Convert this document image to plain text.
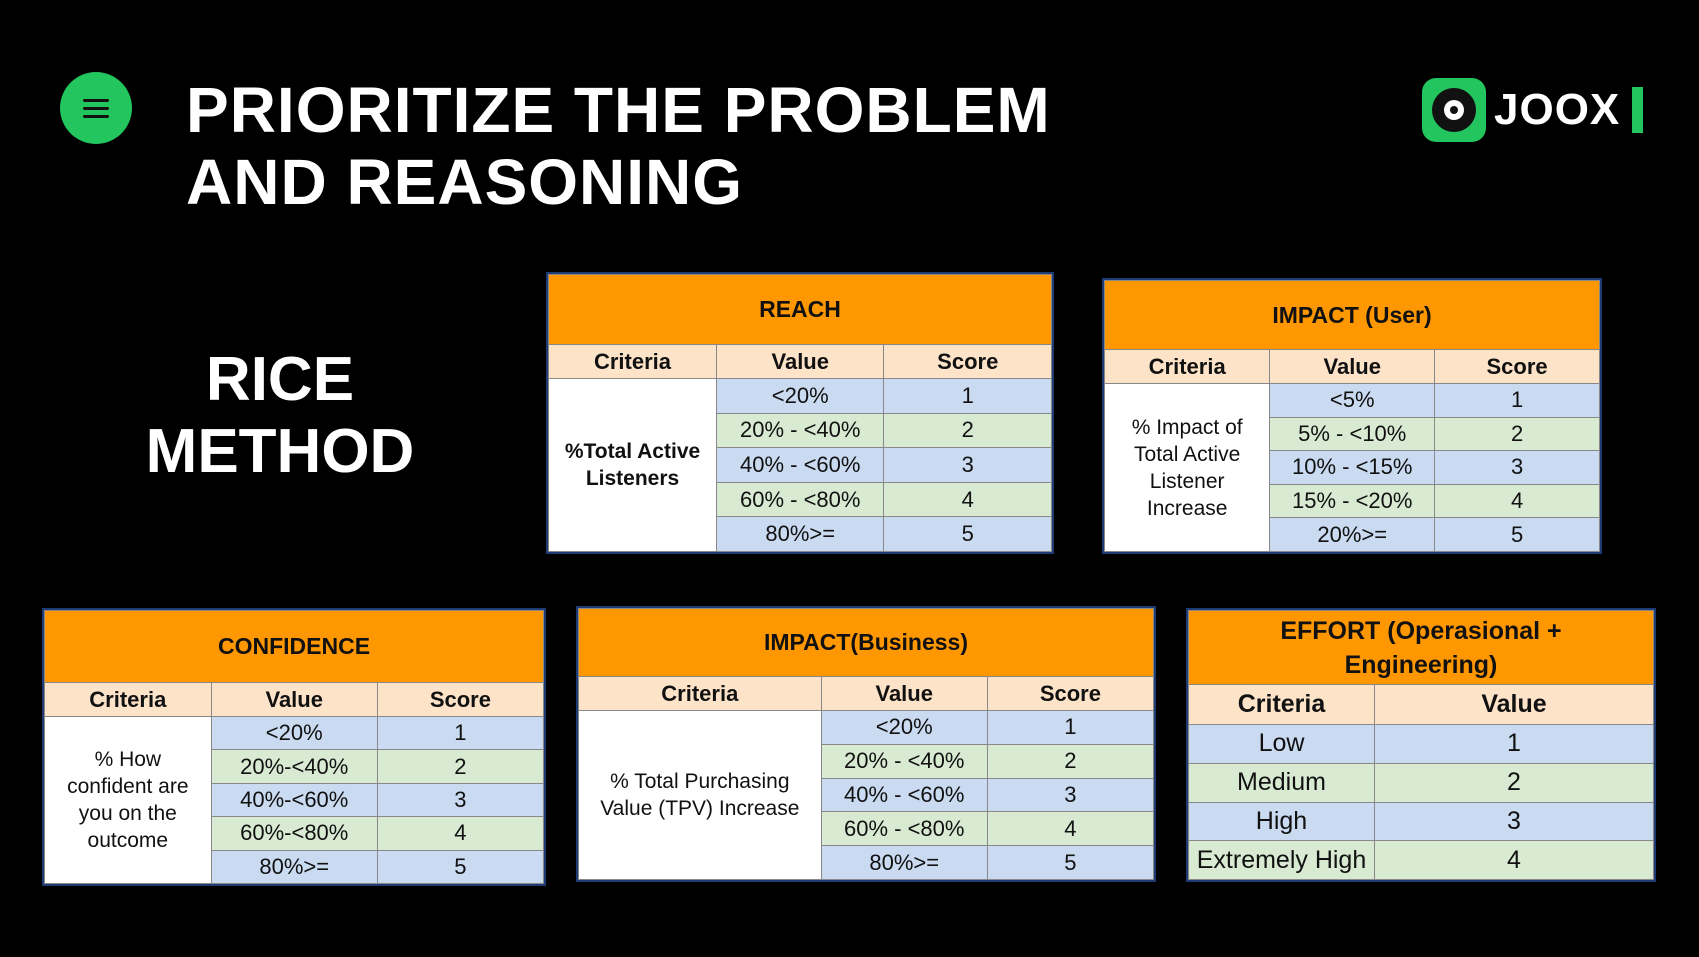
PRIORITIZE THE PROBLEM
AND REASONING
JOOX
RICE
METHOD
REACH		
Criteria	Value	Score
%Total Active Listeners	<20%	1
	20% - <40%	2
	40% - <60%	3
	60% - <80%	4
	80%>=	5
IMPACT (User)		
Criteria	Value	Score
% Impact of Total Active Listener Increase	<5%	1
	5% - <10%	2
	10% - <15%	3
	15% - <20%	4
	20%>=	5
CONFIDENCE		
Criteria	Value	Score
% How confident are you on the outcome	<20%	1
	20%-<40%	2
	40%-<60%	3
	60%-<80%	4
	80%>=	5
IMPACT(Business)		
Criteria	Value	Score
% Total Purchasing Value (TPV) Increase	<20%	1
	20% - <40%	2
	40% - <60%	3
	60% - <80%	4
	80%>=	5
EFFORT (Operasional +
Engineering)	

Criteria	Value
Low	1
Medium	2
High	3
Extremely High	4
